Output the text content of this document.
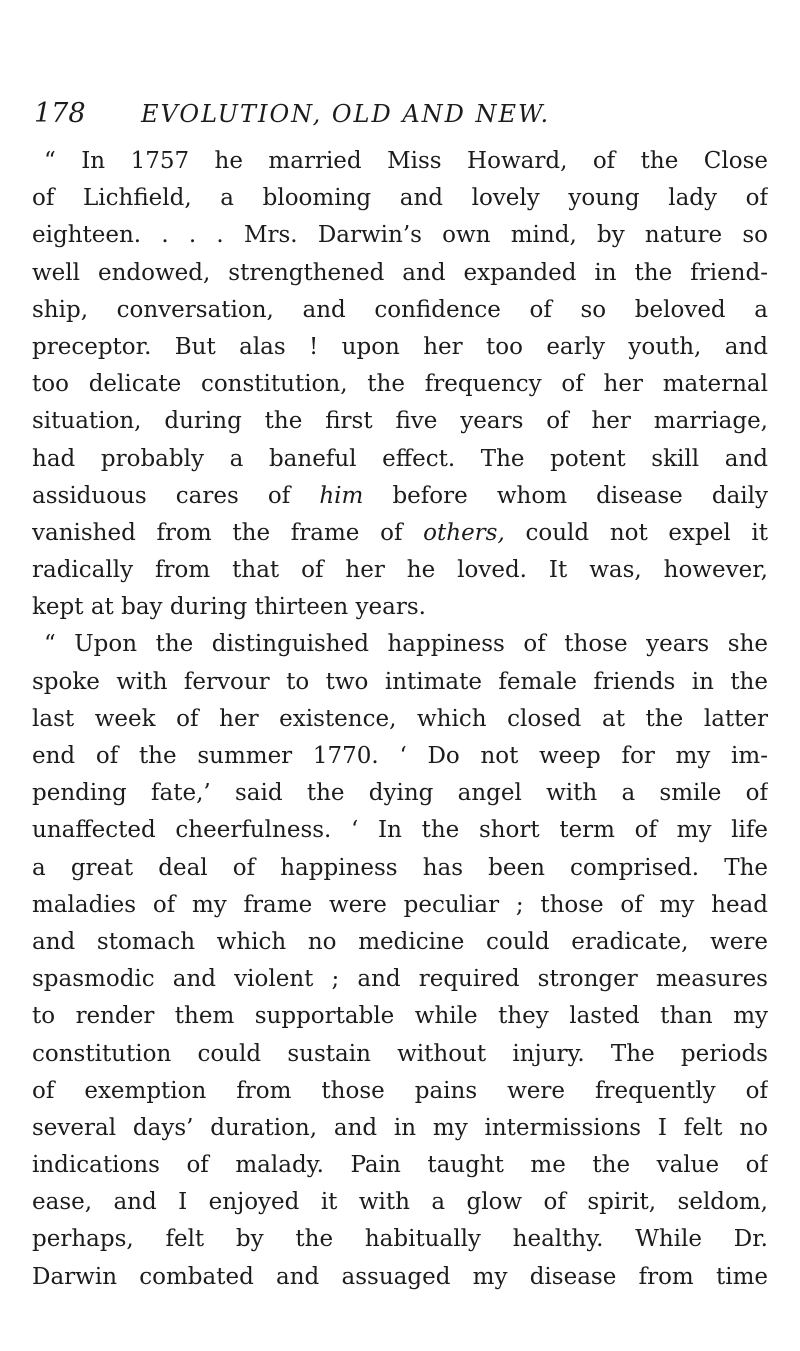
178 EVOLUTION, OLD AND NEW.
“ In 1757 he married Miss Howard, of the Close
of Lichfield, a blooming and lovely young lady of
eighteen. . . . Mrs. Darwin’s own mind, by nature so
well endowed, strengthened and expanded in the friend-
ship, conversation, and confidence of so beloved a
preceptor. But alas ! upon her too early youth, and
too delicate constitution, the frequency of her maternal
situation, during the first five years of her marriage,
had probably a baneful effect. The potent skill and
assiduous cares of him before whom disease daily
vanished from the frame of others, could not expel it
radically from that of her he loved. It was, however,
kept at bay during thirteen years.
“ Upon the distinguished happiness of those years she
spoke with fervour to two intimate female friends in the
last week of her existence, which closed at the latter
end of the summer 1770. ‘ Do not weep for my im-
pending fate,’ said the dying angel with a smile of
unaffected cheerfulness. ‘ In the short term of my life
a great deal of happiness has been comprised. The
maladies of my frame were peculiar ; those of my head
and stomach which no medicine could eradicate, were
spasmodic and violent ; and required stronger measures
to render them supportable while they lasted than my
constitution could sustain without injury. The periods
of exemption from those pains were frequently of
several days’ duration, and in my intermissions I felt no
indications of malady. Pain taught me the value of
ease, and I enjoyed it with a glow of spirit, seldom,
perhaps, felt by the habitually healthy. While Dr.
Darwin combated and assuaged my disease from time
